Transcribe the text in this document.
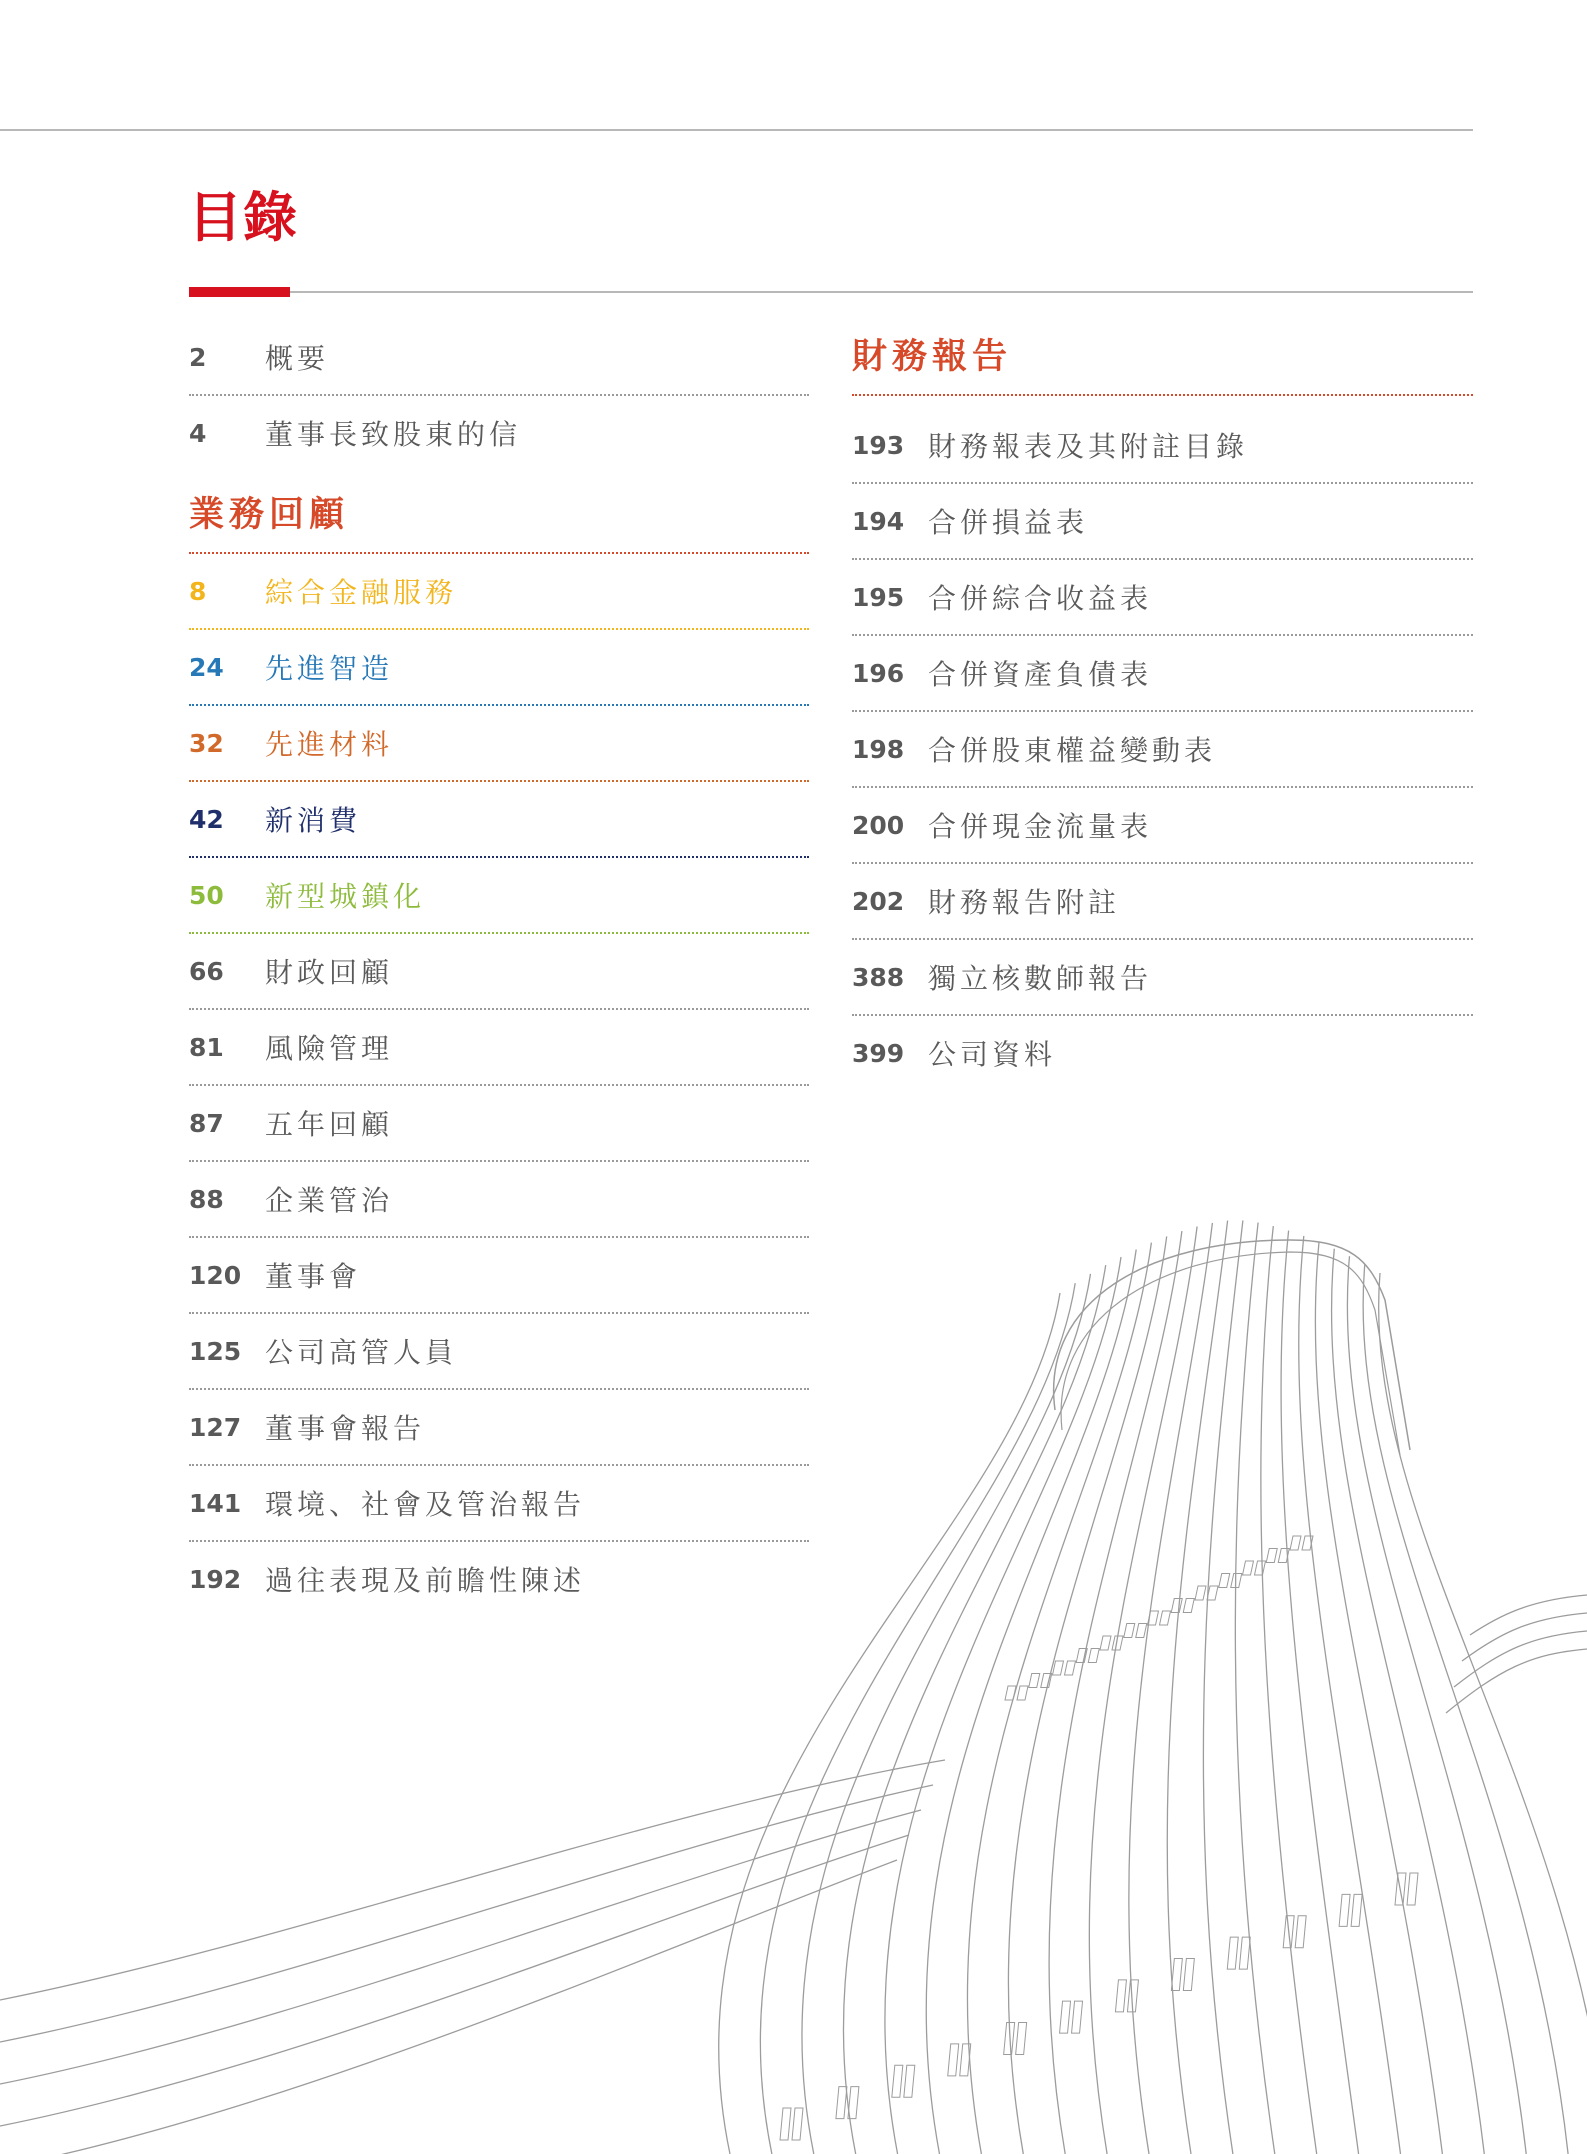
目錄
2	概要
4	董事長致股東的信
業務回顧
8	綜合金融服務
24	先進智造
32	先進材料
42	新消費
50	新型城鎮化
66	財政回顧
81	風險管理
87	五年回顧
88	企業管治
120 董事會
125 公司高管人員
127 董事會報告
141 環境、社會及管治報告
192 過往表現及前瞻性陳述
財務報告
193 財務報表及其附註目錄
194 合併損益表
195 合併綜合收益表
196 合併資產負債表
198 合併股東權益變動表
200 合併現金流量表
202 財務報告附註
388 獨立核數師報告
399 公司資料
